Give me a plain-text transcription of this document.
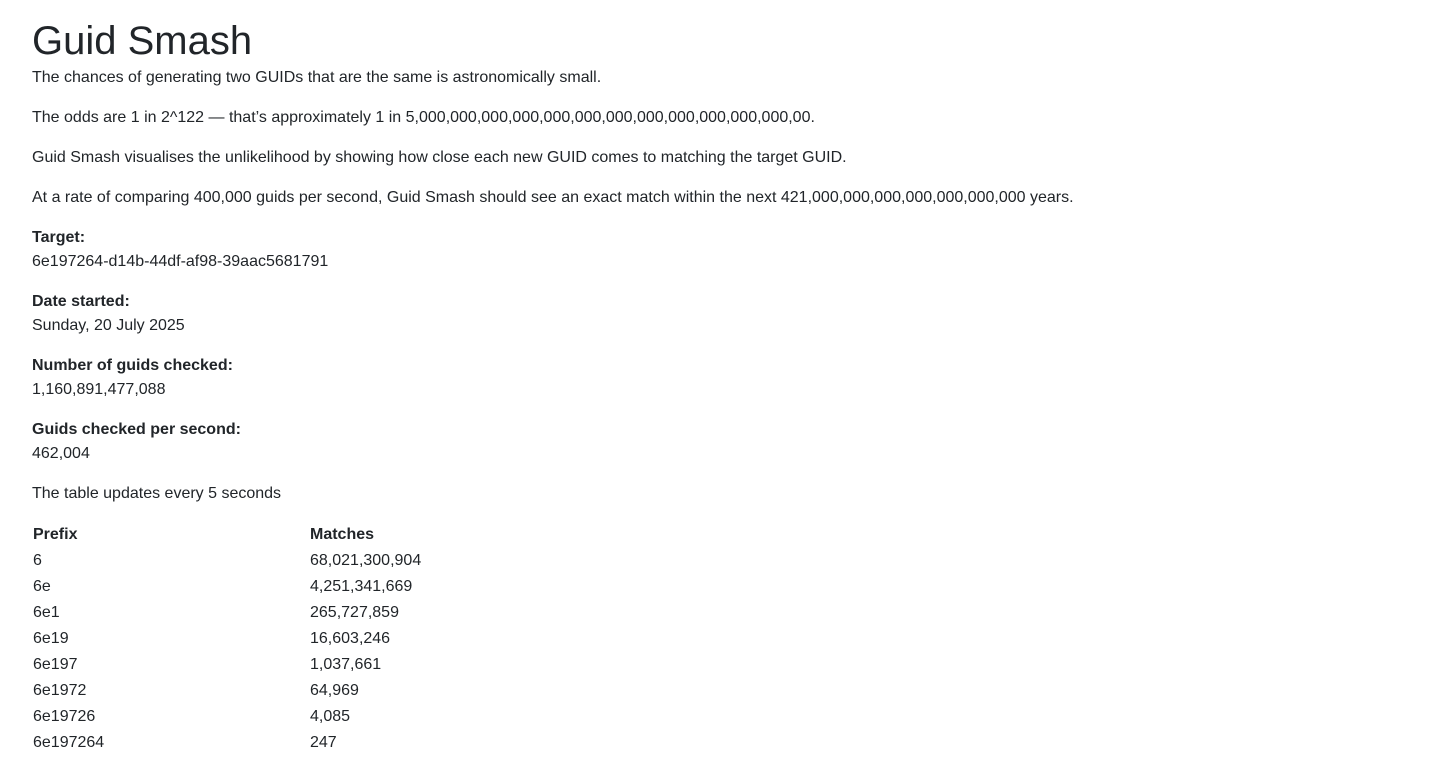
Guid Smash

The chances of generating two GUIDs that are the same is astronomically small.

The odds are 1 in 2^122 — that’s approximately 1 in 5,000,000,000,000,000,000,000,000,000,000,000,000,00.

Guid Smash visualises the unlikelihood by showing how close each new GUID comes to matching the target GUID.

At a rate of comparing 400,000 guids per second, Guid Smash should see an exact match within the next 421,000,000,000,000,000,000,000 years.

Target:
6e197264-d14b-44df-af98-39aac5681791
Date started:
Sunday, 20 July 2025
Number of guids checked:
1,160,891,477,088
Guids checked per second:
462,004

The table updates every 5 seconds

Prefix	Matches
6	68,021,300,904
6e	4,251,341,669
6e1	265,727,859
6e19	16,603,246
6e197	1,037,661
6e1972	64,969
6e19726	4,085
6e197264	247
